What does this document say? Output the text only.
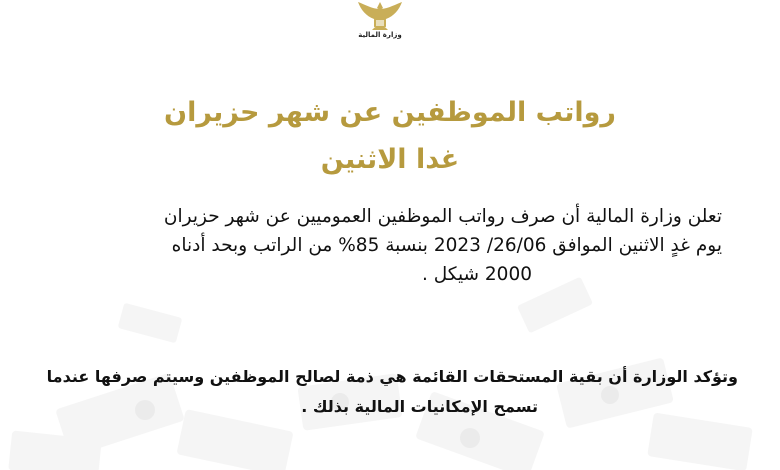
وزارة المالية
رواتب الموظفين عن شهر حزيران
غدا الاثنين
تعلن وزارة المالية أن صرف رواتب الموظفين العموميين عن شهر حزيران
يوم غدٍ الاثنين الموافق 26/06/ 2023 بنسبة 85% من الراتب وبحد أدناه
2000 شيكل .
وتؤكد الوزارة أن بقية المستحقات القائمة هي ذمة لصالح الموظفين وسيتم صرفها عندما
تسمح الإمكانيات المالية بذلك .
